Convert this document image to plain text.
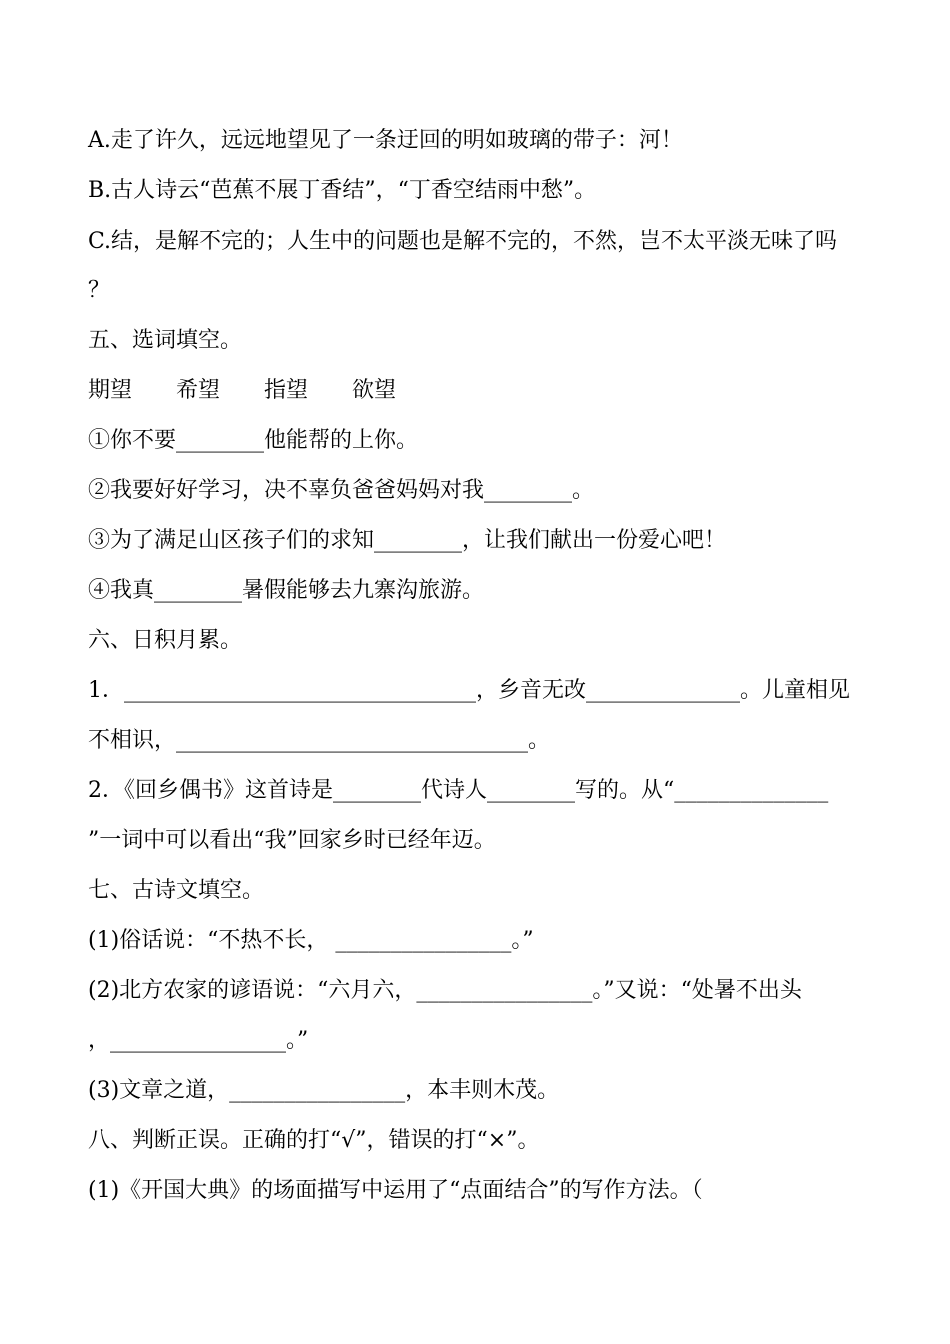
A.走了许久，远远地望见了一条迂回的明如玻璃的带子：河！
B.古人诗云“芭蕉不展丁香结”，“丁香空结雨中愁”。
C.结，是解不完的；人生中的问题也是解不完的，不然，岂不太平淡无味了吗
？
五、选词填空。
期望　　希望　　指望　　欲望
①你不要________他能帮的上你。
②我要好好学习，决不辜负爸爸妈妈对我________。
③为了满足山区孩子们的求知________，让我们献出一份爱心吧！
④我真________暑假能够去九寨沟旅游。
六、日积月累。
1．________________________________，乡音无改______________。儿童相见
不相识，________________________________。
2．《回乡偶书》这首诗是________代诗人________写的。从“______________
”一词中可以看出“我”回家乡时已经年迈。
七、古诗文填空。
(1)俗话说：“不热不长， ________________。”
(2)北方农家的谚语说：“六月六，________________。”又说：“处暑不出头
，________________。”
(3)文章之道，________________，本丰则木茂。
八、判断正误。正确的打“√”，错误的打“×”。
(1)《开国大典》的场面描写中运用了“点面结合”的写作方法。（
